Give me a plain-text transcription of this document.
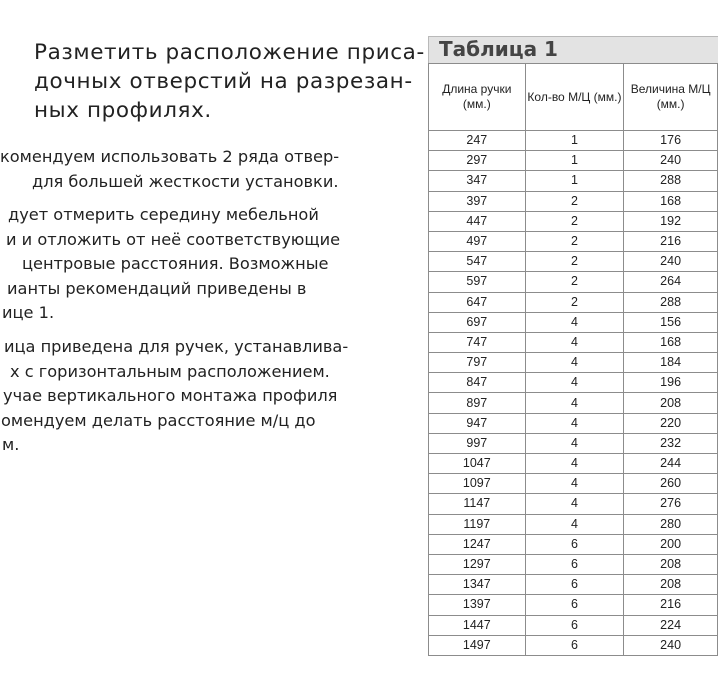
Разметить расположение приса-
дочных отверстий на разрезан-
ных профилях.
комендуем использовать 2 ряда отвер-
для большей жесткости установки.
дует отмерить середину мебельной
и и отложить от неё соответствующие
центровые расстояния. Возможные
ианты рекомендаций приведены в
ице 1.
ица приведена для ручек, устанавлива-
х с горизонтальным расположением.
учае вертикального монтажа профиля
омендуем делать расстояние м/ц до
м.
Таблица 1
Длина ручки (мм.)	Кол-во М/Ц (мм.)	Величина М/Ц (мм.)
247	1	176
297	1	240
347	1	288
397	2	168
447	2	192
497	2	216
547	2	240
597	2	264
647	2	288
697	4	156
747	4	168
797	4	184
847	4	196
897	4	208
947	4	220
997	4	232
1047	4	244
1097	4	260
1147	4	276
1197	4	280
1247	6	200
1297	6	208
1347	6	208
1397	6	216
1447	6	224
1497	6	240
